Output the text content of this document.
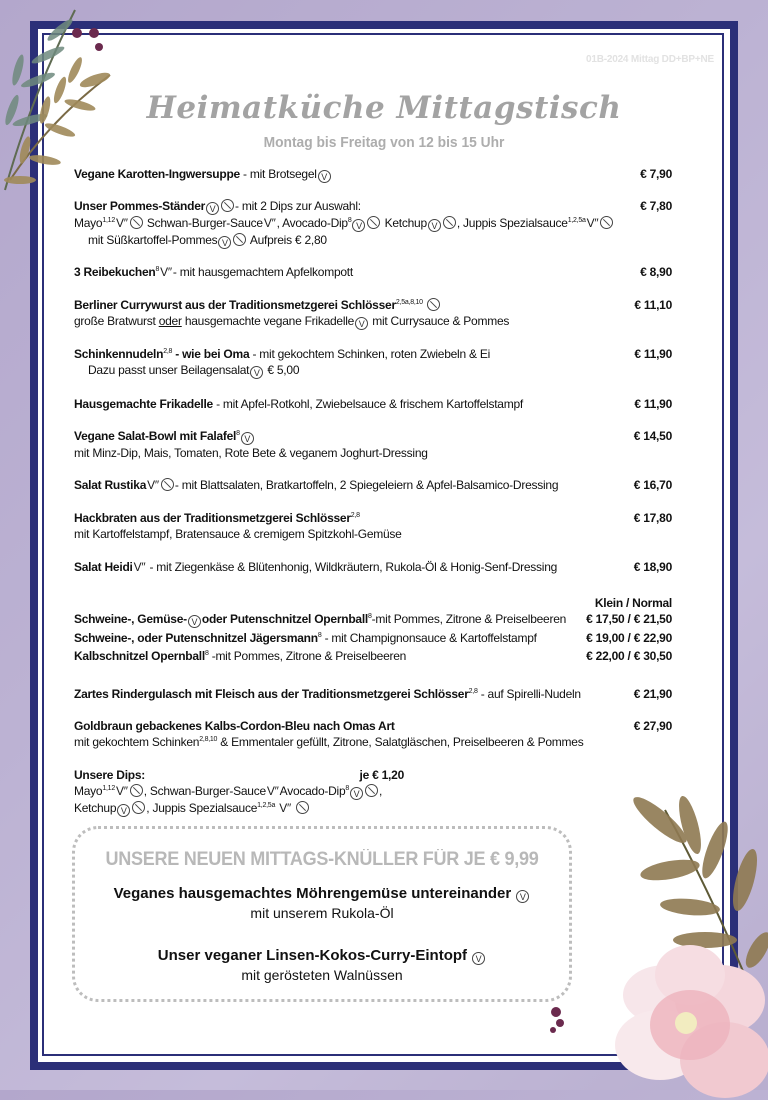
01B-2024 Mittag DD+BP+NE
Heimatküche Mittagstisch
Montag bis Freitag von 12 bis 15 Uhr
Vegane Karotten-Ingwersuppe - mit Brotsegel V	€ 7,90
Unser Pommes-Ständer V - mit 2 Dips zur Auswahl:	€ 7,80
Mayo$^{1,12}$V″ Schwan-Burger-SauceV″, Avocado-Dip$^8$V Ketchup V , Juppis Spezialsauce$^{1,2,5a}$V″
mit Süßkartoffel-Pommes V Aufpreis € 2,80
3 Reibekuchen$^8$V″- mit hausgemachtem Apfelkompott	€ 8,90
Berliner Currywurst aus der Traditionsmetzgerei Schlösser$^{2,5a,8,10}$	€ 11,10
große Bratwurst oder hausgemachte vegane Frikadelle V mit Currysauce & Pommes
Schinkennudeln$^{2,8}$ - wie bei Oma - mit gekochtem Schinken, roten Zwiebeln & Ei	€ 11,90
Dazu passt unser Beilagensalat V € 5,00
Hausgemachte Frikadelle - mit Apfel-Rotkohl, Zwiebelsauce & frischem Kartoffelstampf	€ 11,90
Vegane Salat-Bowl mit Falafel$^8$V	€ 14,50
mit Minz-Dip, Mais, Tomaten, Rote Bete & veganem Joghurt-Dressing
Salat RustikaV″ - mit Blattsalaten, Bratkartoffeln, 2 Spiegeleiern & Apfel-Balsamico-Dressing	€ 16,70
Hackbraten aus der Traditionsmetzgerei Schlösser$^{2,8}$	€ 17,80
mit Kartoffelstampf, Bratensauce & cremigem Spitzkohl-Gemüse
Salat HeidiV″ - mit Ziegenkäse & Blütenhonig, Wildkräutern, Rukola-Öl & Honig-Senf-Dressing	€ 18,90
Klein / Normal
Schweine-, Gemüse- V oder Putenschnitzel Opernball$^8$-mit Pommes, Zitrone & Preiselbeeren € 17,50 / € 21,50
Schweine-, oder Putenschnitzel Jägersmann$^8$ - mit Champignonsauce & Kartoffelstampf	€ 19,00 / € 22,90
Kalbschnitzel Opernball$^8$ -mit Pommes, Zitrone & Preiselbeeren	€ 22,00 / € 30,50
Zartes Rindergulasch mit Fleisch aus der Traditionsmetzgerei Schlösser$^{2,8}$ - auf Spirelli-Nudeln	€ 21,90
Goldbraun gebackenes Kalbs-Cordon-Bleu nach Omas Art	€ 27,90
mit gekochtem Schinken$^{2,8,10}$ & Emmentaler gefüllt, Zitrone, Salatgläschen, Preiselbeeren & Pommes
Unsere Dips:	je € 1,20
Mayo$^{1,12}$V″ , Schwan-Burger-SauceV″Avocado-Dip$^8$V ,
Ketchup V , Juppis Spezialsauce$^{1,2,5a}$ V″
UNSERE NEUEN MITTAGS-KNÜLLER FÜR JE € 9,99
Veganes hausgemachtes Möhrengemüse untereinander V
mit unserem Rukola-Öl
Unser veganer Linsen-Kokos-Curry-Eintopf V
mit gerösteten Walnüssen
